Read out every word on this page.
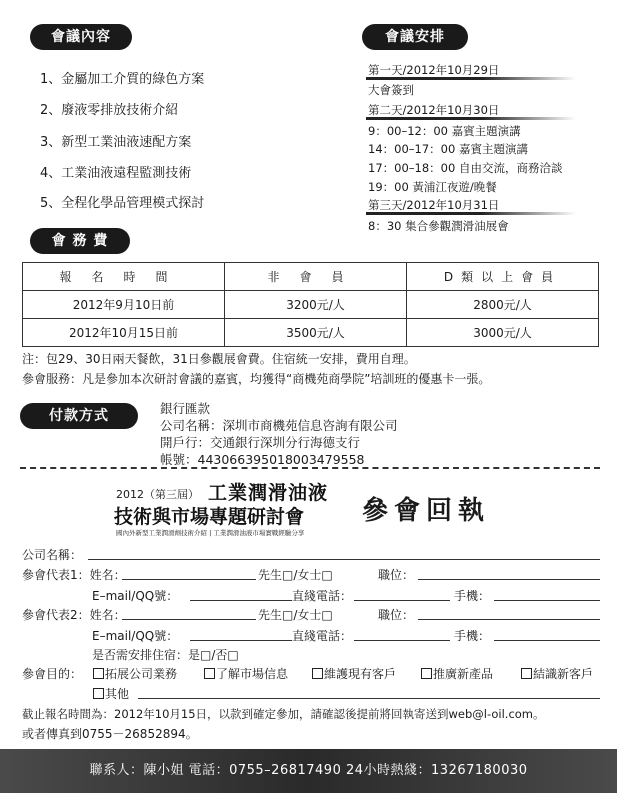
會議內容	會議安排
會 務 費
付款方式
1、金屬加工介質的綠色方案
2、廢液零排放技術介紹
3、新型工業油液速配方案
4、工業油液遠程監測技術
5、全程化學品管理模式探討
第一天/2012年10月29日
大會簽到
第二天/2012年10月30日
9：00–12：00 嘉賓主題演講
14：00–17：00 嘉賓主題演講
17：00–18：00 自由交流，商務洽談
19：00 黃浦江夜遊/晚餐
第三天/2012年10月31日
8：30 集合參觀潤滑油展會
報名時間	非會員	D類以上會員
2012年9月10日前	3200元/人	2800元/人
2012年10月15日前	3500元/人	3000元/人
注：包29、30日兩天餐飲，31日參觀展會費。住宿統一安排，費用自理。
參會服務：凡是參加本次研討會議的嘉賓，均獲得“商機苑商學院”培訓班的優惠卡一張。
銀行匯款
公司名稱：深圳市商機苑信息咨詢有限公司
開戶行：交通銀行深圳分行海德支行
帳號：443066395018003479558
2012（第三屆） 工業潤滑油液
技術與市場專題研討會
國內外新型工業潤滑劑技術介紹 | 工業潤滑油液市場實戰經驗分享
參會回執
公司名稱：
參會代表1：姓名：	先生□/女士□	職位：
E–mail/QQ號：	直綫電話：	手機：
參會代表2：姓名：	先生□/女士□	職位：
E–mail/QQ號：	直綫電話：	手機：
是否需安排住宿：是□/否□
參會目的：	拓展公司業務	了解市場信息	維護現有客戶	推廣新產品	結識新客戶
其他
截止報名時間為：2012年10月15日，以款到確定參加，請確認後提前將回執寄送到web@l-oil.com。
或者傳真到0755－26852894。
聯系人：陳小姐 電話：0755–26817490 24小時熱綫：13267180030
